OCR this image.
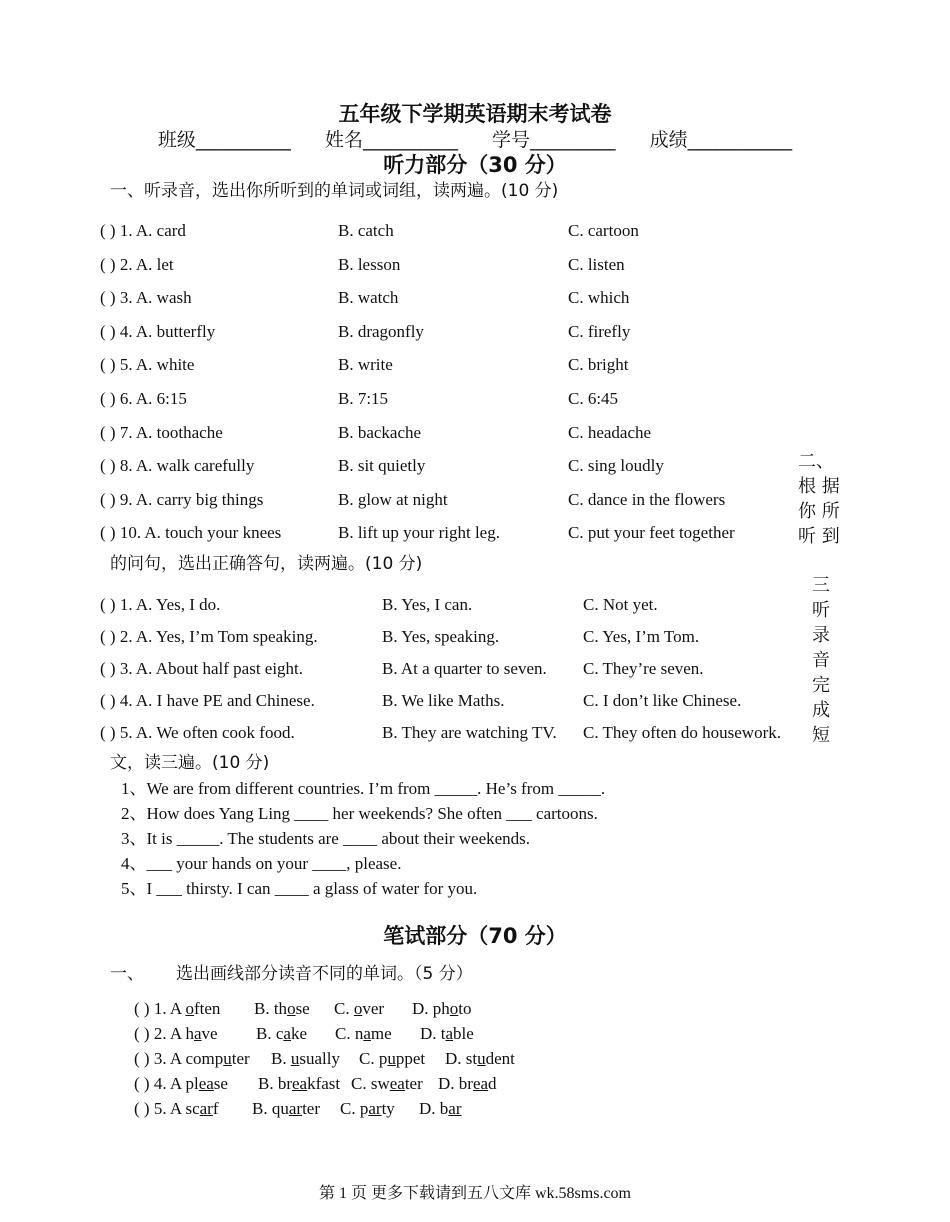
五年级下学期英语期末考试卷
班级__________ 姓名__________ 学号_________ 成绩___________
听力部分（30 分）
一、听录音，选出你所听到的单词或词组，读两遍。(10 分)
( ) 1. A. card	B. catch	C. cartoon
( ) 2. A. let	B. lesson	C. listen
( ) 3. A. wash	B. watch	C. which
( ) 4. A. butterfly	B. dragonfly	C. firefly
( ) 5. A. white	B. write	C. bright
( ) 6. A. 6:15	B. 7:15	C. 6:45
( ) 7. A. toothache	B. backache	C. headache
( ) 8. A. walk carefully	B. sit quietly	C. sing loudly
( ) 9. A. carry big things	B. glow at night	C. dance in the flowers
( ) 10. A. touch your knees	B. lift up your right leg.	C. put your feet together
二、
根 据
你 所
听 到
的问句，选出正确答句，读两遍。(10 分)
( ) 1. A. Yes, I do.	B. Yes, I can.	C. Not yet.
( ) 2. A. Yes, I’m Tom speaking.	B. Yes, speaking.	C. Yes, I’m Tom.
( ) 3. A. About half past eight.	B. At a quarter to seven. C. They’re seven.
( ) 4. A. I have PE and Chinese.	B. We like Maths.	C. I don’t like Chinese.
( ) 5. A. We often cook food.	B. They are watching TV. C. They often do housework.
三
听
录
音
完
成
短
文，读三遍。(10 分)
1、We are from different countries. I’m from _____. He’s from _____.
2、How does Yang Ling ____ her weekends? She often ___ cartoons.
3、It is _____. The students are ____ about their weekends.
4、___ your hands on your ____, please.
5、I ___ thirsty. I can ____ a glass of water for you.
笔试部分（70 分）
一、 选出画线部分读音不同的单词。（5 分）
( ) 1. A often B. those C. over D. photo
( ) 2. A have B. cake C. name D. table
( ) 3. A computer B. usually C. puppet D. student
( ) 4. A please B. breakfast C. sweater D. bread
( ) 5. A scarf B. quarter C. party D. bar
第 1 页 更多下载请到五八文库 wk.58sms.com
